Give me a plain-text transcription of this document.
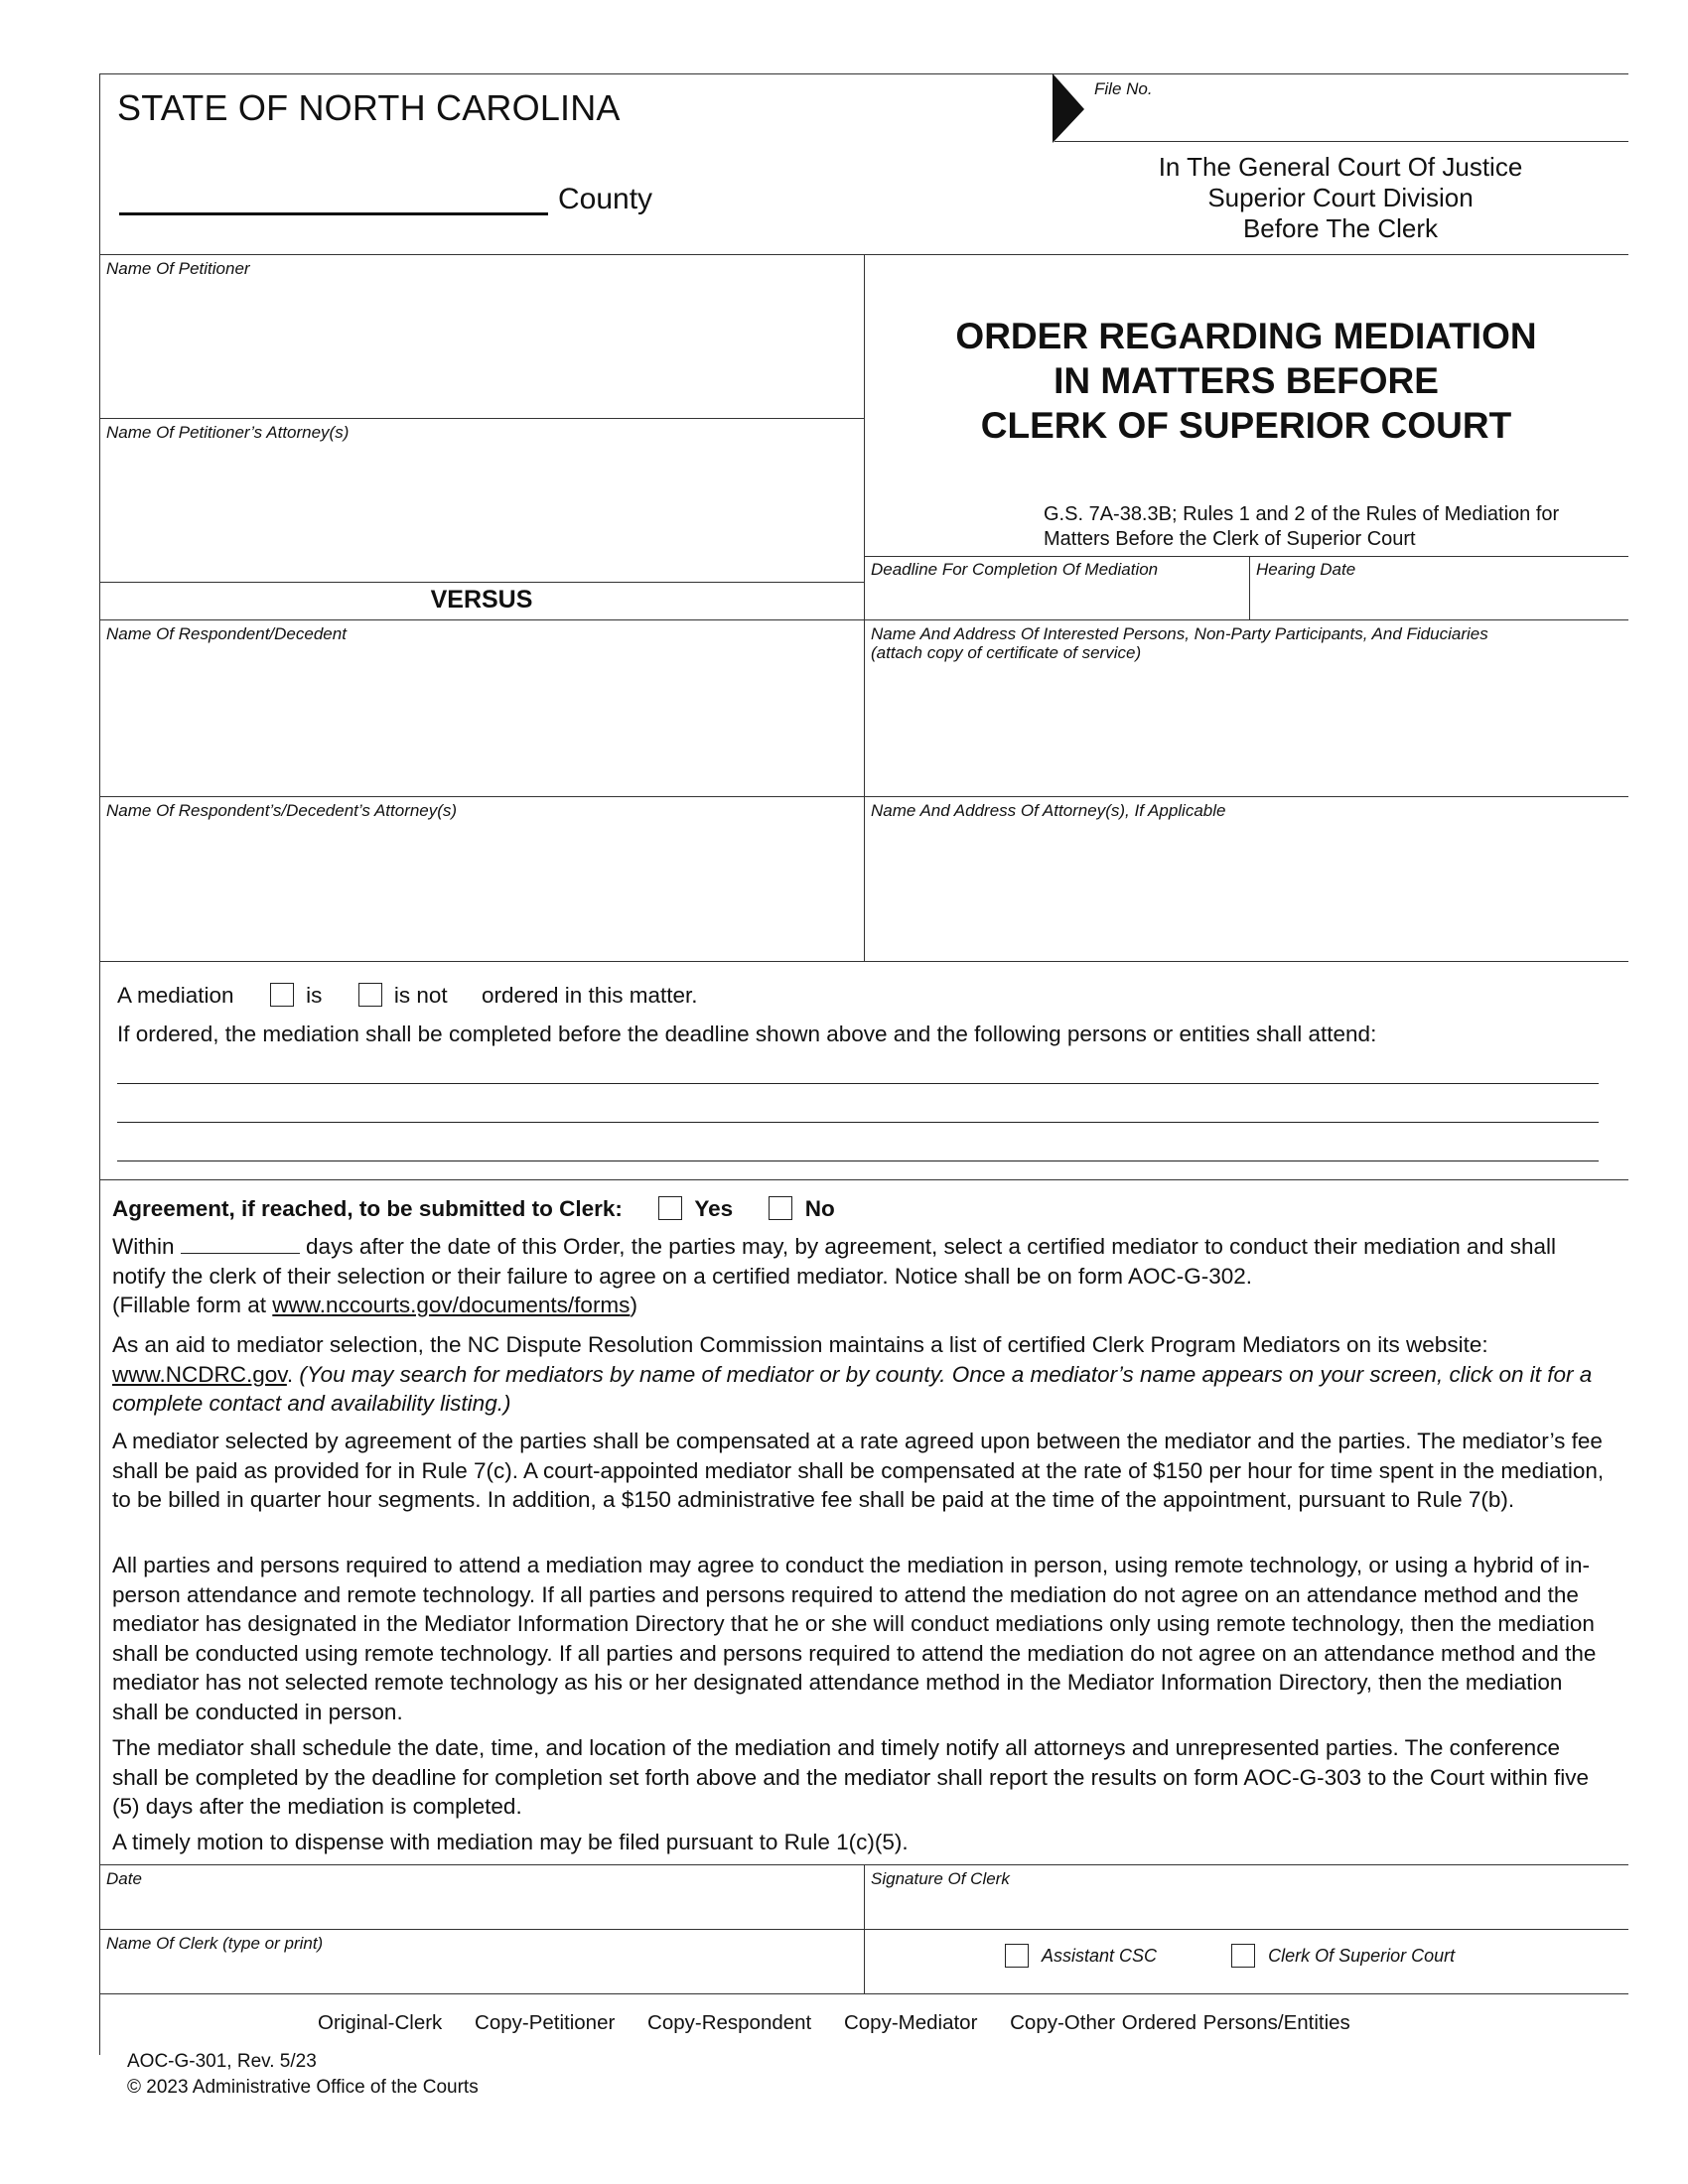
STATE OF NORTH CAROLINA
County
File No.
In The General Court Of Justice
Superior Court Division
Before The Clerk
Name Of Petitioner
Name Of Petitioner’s Attorney(s)
VERSUS
Name Of Respondent/Decedent
Name Of Respondent’s/Decedent’s Attorney(s)
ORDER REGARDING MEDIATION
IN MATTERS BEFORE
CLERK OF SUPERIOR COURT
G.S. 7A-38.3B; Rules 1 and 2 of the Rules of Mediation for
Matters Before the Clerk of Superior Court
Deadline For Completion Of Mediation	Hearing Date
Name And Address Of Interested Persons, Non-Party Participants, And Fiduciaries
(attach copy of certificate of service)
Name And Address Of Attorney(s), If Applicable
A mediation	is	is not ordered in this matter.
If ordered, the mediation shall be completed before the deadline shown above and the following persons or entities shall attend:
Agreement, if reached, to be submitted to Clerk:	Yes	No
Within	days after the date of this Order, the parties may, by agreement, select a certified mediator to conduct their mediation and shall notify the clerk of their selection or their failure to agree on a certified mediator. Notice shall be on form AOC-G-302.
(Fillable form at www.nccourts.gov/documents/forms)
As an aid to mediator selection, the NC Dispute Resolution Commission maintains a list of certified Clerk Program Mediators on its website: www.NCDRC.gov. (You may search for mediators by name of mediator or by county. Once a mediator’s name appears on your screen, click on it for a complete contact and availability listing.)
A mediator selected by agreement of the parties shall be compensated at a rate agreed upon between the mediator and the parties. The mediator’s fee shall be paid as provided for in Rule 7(c). A court-appointed mediator shall be compensated at the rate of $150 per hour for time spent in the mediation, to be billed in quarter hour segments. In addition, a $150 administrative fee shall be paid at the time of the appointment, pursuant to Rule 7(b).
All parties and persons required to attend a mediation may agree to conduct the mediation in person, using remote technology, or using a hybrid of in-person attendance and remote technology. If all parties and persons required to attend the mediation do not agree on an attendance method and the mediator has designated in the Mediator Information Directory that he or she will conduct mediations only using remote technology, then the mediation shall be conducted using remote technology. If all parties and persons required to attend the mediation do not agree on an attendance method and the mediator has not selected remote technology as his or her designated attendance method in the Mediator Information Directory, then the mediation shall be conducted in person.
The mediator shall schedule the date, time, and location of the mediation and timely notify all attorneys and unrepresented parties. The conference shall be completed by the deadline for completion set forth above and the mediator shall report the results on form AOC-G-303 to the Court within five (5) days after the mediation is completed.
A timely motion to dispense with mediation may be filed pursuant to Rule 1(c)(5).
Date	Signature Of Clerk
Name Of Clerk (type or print)
Assistant CSC	Clerk Of Superior Court
Original-Clerk Copy-Petitioner Copy-Respondent Copy-Mediator Copy-Other Ordered Persons/Entities
AOC-G-301, Rev. 5/23
© 2023 Administrative Office of the Courts
